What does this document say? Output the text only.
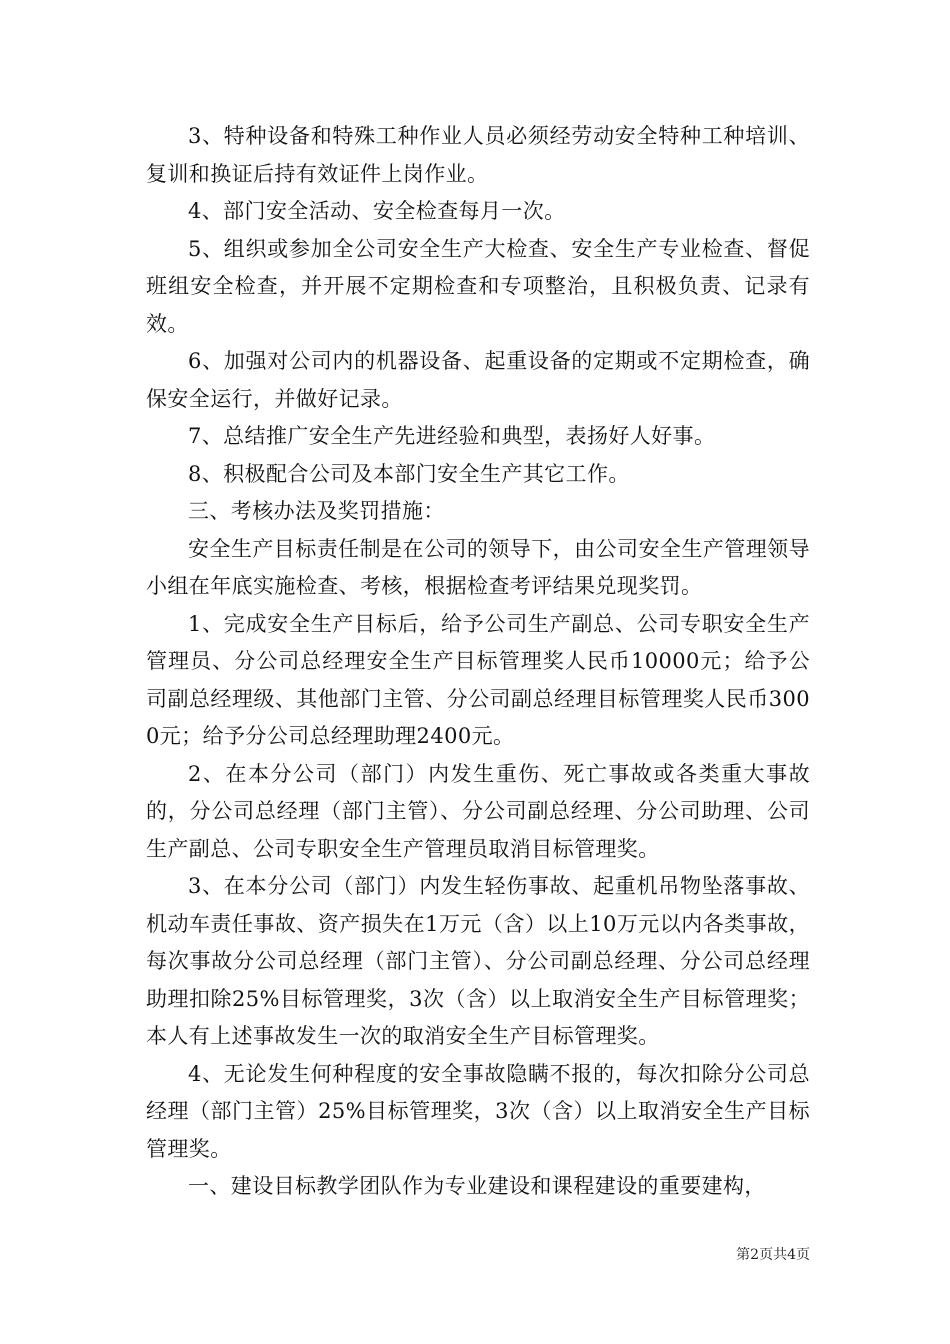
3、特种设备和特殊工种作业人员必须经劳动安全特种工种培训、复训和换证后持有效证件上岗作业。

4、部门安全活动、安全检查每月一次。

5、组织或参加全公司安全生产大检查、安全生产专业检查、督促班组安全检查，并开展不定期检查和专项整治，且积极负责、记录有效。

6、加强对公司内的机器设备、起重设备的定期或不定期检查，确保安全运行，并做好记录。

7、总结推广安全生产先进经验和典型，表扬好人好事。

8、积极配合公司及本部门安全生产其它工作。

三、考核办法及奖罚措施：

安全生产目标责任制是在公司的领导下，由公司安全生产管理领导小组在年底实施检查、考核，根据检查考评结果兑现奖罚。

1、完成安全生产目标后，给予公司生产副总、公司专职安全生产管理员、分公司总经理安全生产目标管理奖人民币10000元；给予公司副总经理级、其他部门主管、分公司副总经理目标管理奖人民币3000元；给予分公司总经理助理2400元。

2、在本分公司（部门）内发生重伤、死亡事故或各类重大事故的，分公司总经理（部门主管）、分公司副总经理、分公司助理、公司生产副总、公司专职安全生产管理员取消目标管理奖。

3、在本分公司（部门）内发生轻伤事故、起重机吊物坠落事故、机动车责任事故、资产损失在1万元（含）以上10万元以内各类事故，每次事故分公司总经理（部门主管）、分公司副总经理、分公司总经理助理扣除25%目标管理奖，3次（含）以上取消安全生产目标管理奖；本人有上述事故发生一次的取消安全生产目标管理奖。

4、无论发生何种程度的安全事故隐瞒不报的，每次扣除分公司总经理（部门主管）25%目标管理奖，3次（含）以上取消安全生产目标管理奖。

一、建设目标教学团队作为专业建设和课程建设的重要建构，

第2页共4页
